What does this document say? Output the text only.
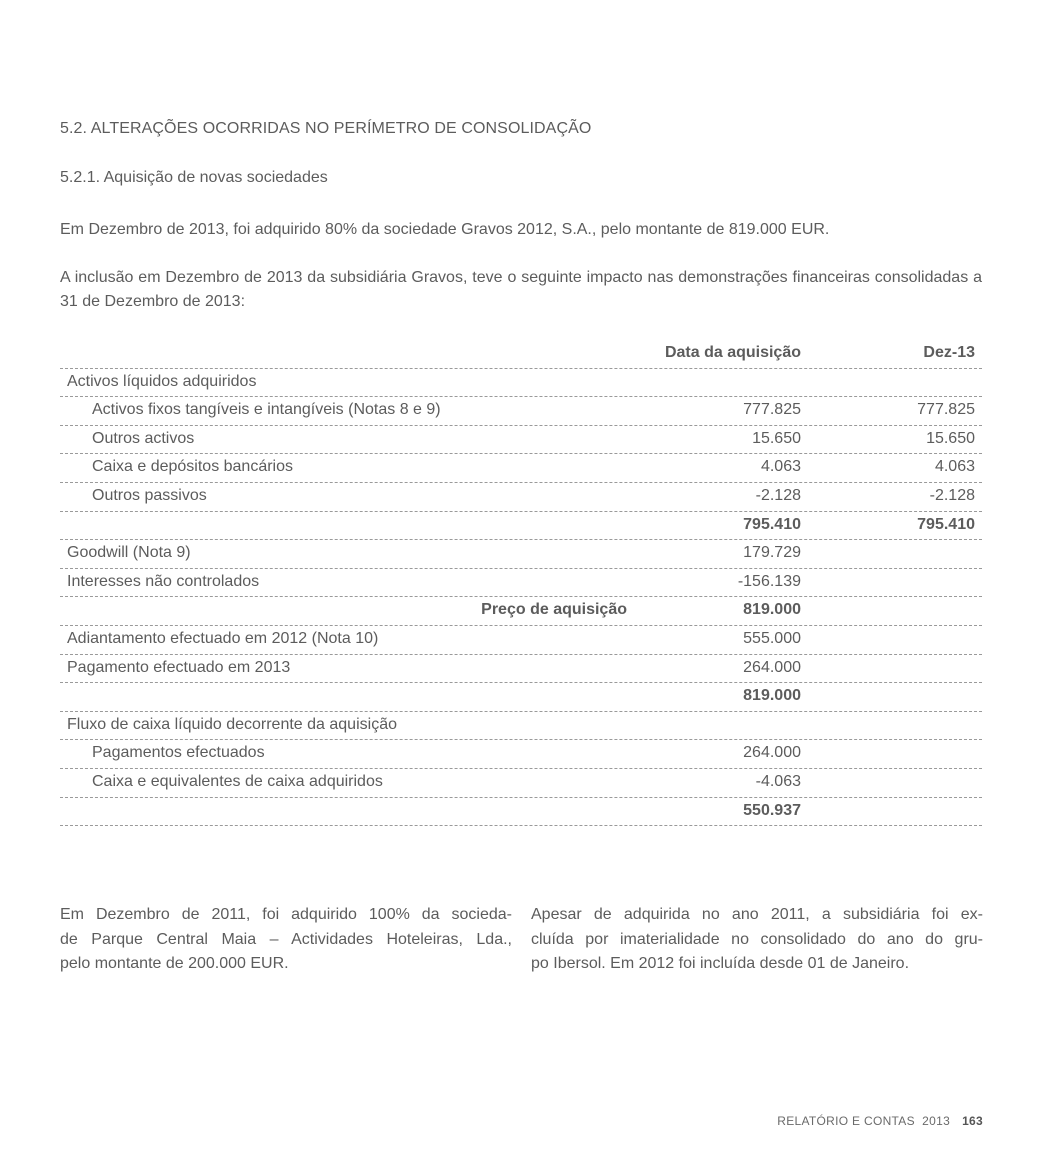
5.2. ALTERAÇÕES OCORRIDAS NO PERÍMETRO DE CONSOLIDAÇÃO
5.2.1. Aquisição de novas sociedades
Em Dezembro de 2013, foi adquirido 80% da sociedade Gravos 2012, S.A., pelo montante de 819.000 EUR.
A inclusão em Dezembro de 2013 da subsidiária Gravos, teve o seguinte impacto nas demonstrações financeiras consolidadas a 31 de Dezembro de 2013:
Data da aquisição	Dez-13
Activos líquidos adquiridos
Activos fixos tangíveis e intangíveis (Notas 8 e 9)	777.825	777.825
Outros activos	15.650	15.650
Caixa e depósitos bancários	4.063	4.063
Outros passivos	-2.128	-2.128
795.410	795.410
Goodwill (Nota 9)	179.729
Interesses não controlados	-156.139
Preço de aquisição	819.000
Adiantamento efectuado em 2012 (Nota 10)	555.000
Pagamento efectuado em 2013	264.000
819.000
Fluxo de caixa líquido decorrente da aquisição
Pagamentos efectuados	264.000
Caixa e equivalentes de caixa adquiridos	-4.063
550.937
Em Dezembro de 2011, foi adquirido 100% da socieda-
de Parque Central Maia – Actividades Hoteleiras, Lda.,
pelo montante de 200.000 EUR.
Apesar de adquirida no ano 2011, a subsidiária foi ex-
cluída por imaterialidade no consolidado do ano do gru-
po Ibersol. Em 2012 foi incluída desde 01 de Janeiro.
RELATÓRIO E CONTAS  2013 163
